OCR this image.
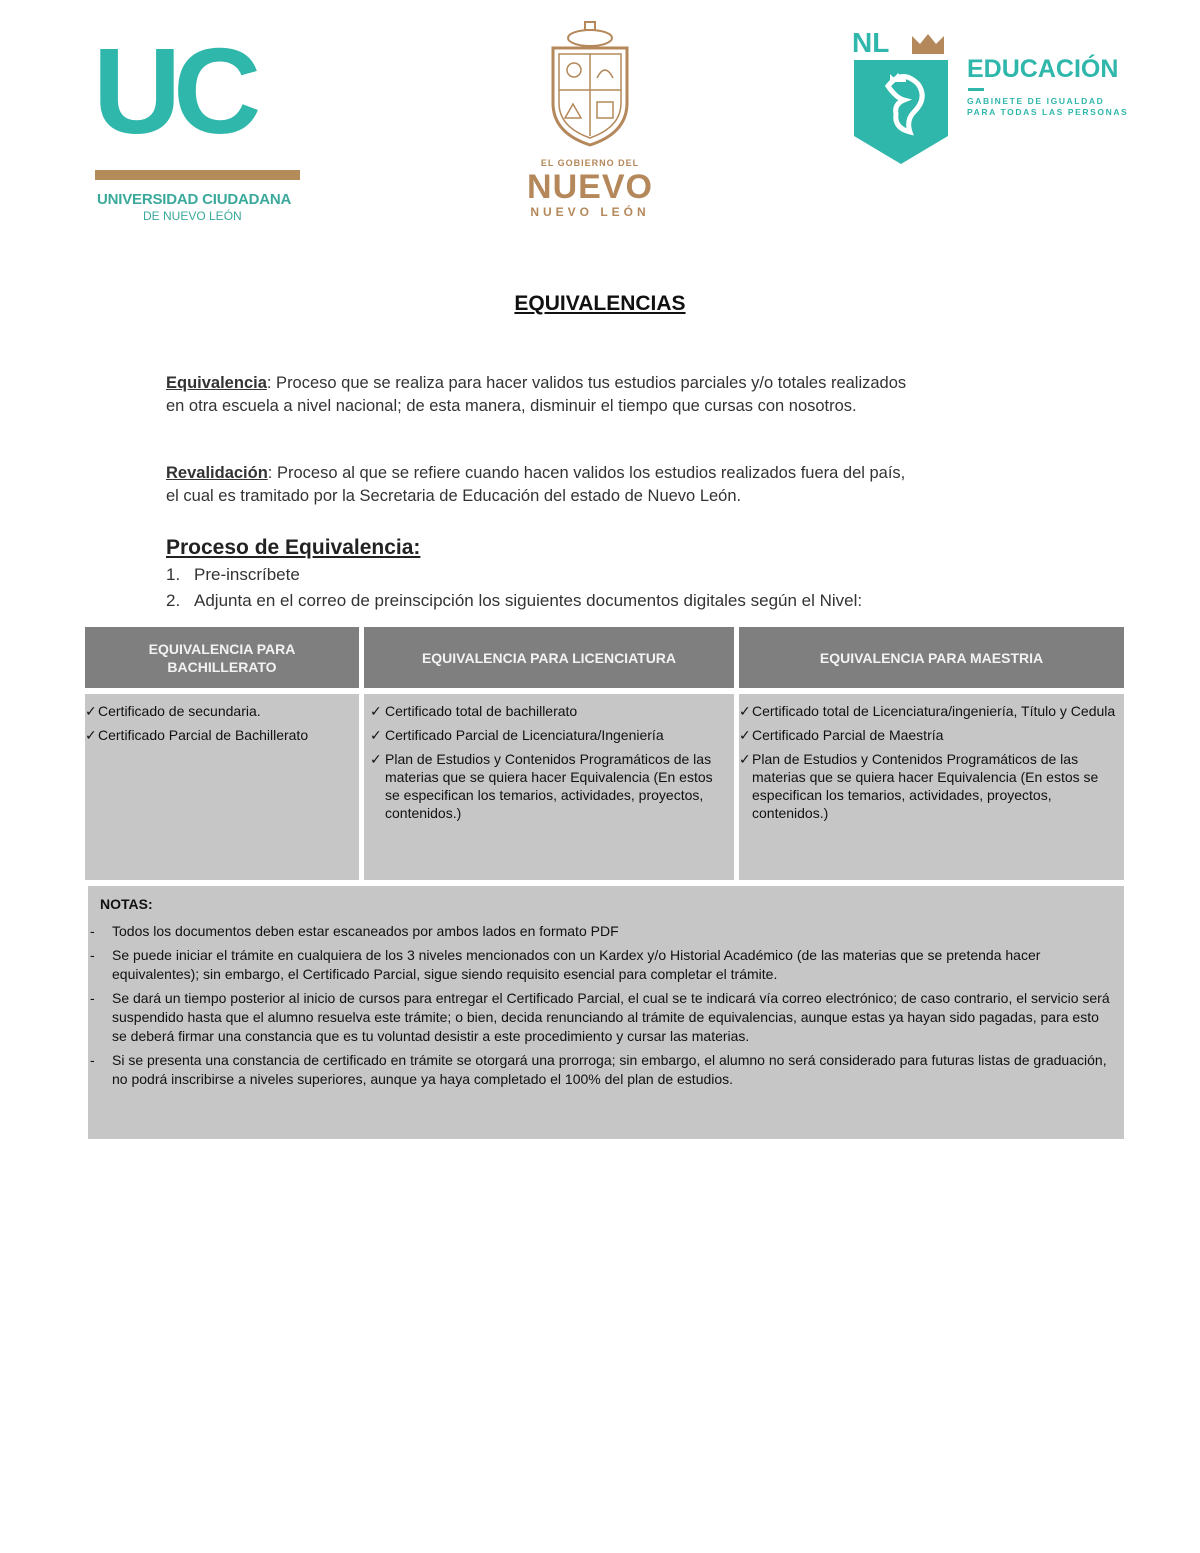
UC
UNIVERSIDAD CIUDADANA
DE NUEVO LEÓN
EL GOBIERNO DEL
NUEVO
NUEVO LEÓN
NL
EDUCACIÓN
GABINETE DE IGUALDAD
PARA TODAS LAS PERSONAS
EQUIVALENCIAS
Equivalencia: Proceso que se realiza para hacer validos tus estudios parciales y/o totales realizados
en otra escuela a nivel nacional; de esta manera, disminuir el tiempo que cursas con nosotros.
Revalidación: Proceso al que se refiere cuando hacen validos los estudios realizados fuera del país,
el cual es tramitado por la Secretaria de Educación del estado de Nuevo León.
Proceso de Equivalencia:
1. Pre-inscríbete
2. Adjunta en el correo de preinscipción los siguientes documentos digitales según el Nivel:
EQUIVALENCIA PARA BACHILLERATO
EQUIVALENCIA PARA LICENCIATURA	EQUIVALENCIA PARA MAESTRIA
✓ Certificado de secundaria.
✓ Certificado Parcial de Bachillerato
✓ Certificado total de bachillerato
✓ Certificado Parcial de Licenciatura/Ingeniería
✓ Plan de Estudios y Contenidos Programáticos de las materias que se quiera hacer Equivalencia (En estos se especifican los temarios, actividades, proyectos, contenidos.)
✓ Certificado total de Licenciatura/ingeniería, Título y Cedula
✓ Certificado Parcial de Maestría
✓ Plan de Estudios y Contenidos Programáticos de las materias que se quiera hacer Equivalencia (En estos se especifican los temarios, actividades, proyectos, contenidos.)
NOTAS:
- Todos los documentos deben estar escaneados por ambos lados en formato PDF
- Se puede iniciar el trámite en cualquiera de los 3 niveles mencionados con un Kardex y/o Historial Académico (de las materias que se pretenda hacer equivalentes); sin embargo, el Certificado Parcial, sigue siendo requisito esencial para completar el trámite.
- Se dará un tiempo posterior al inicio de cursos para entregar el Certificado Parcial, el cual se te indicará vía correo electrónico; de caso contrario, el servicio será suspendido hasta que el alumno resuelva este trámite; o bien, decida renunciando al trámite de equivalencias, aunque estas ya hayan sido pagadas, para esto se deberá firmar una constancia que es tu voluntad desistir a este procedimiento y cursar las materias.
- Si se presenta una constancia de certificado en trámite se otorgará una prorroga; sin embargo, el alumno no será considerado para futuras listas de graduación, no podrá inscribirse a niveles superiores, aunque ya haya completado el 100% del plan de estudios.
